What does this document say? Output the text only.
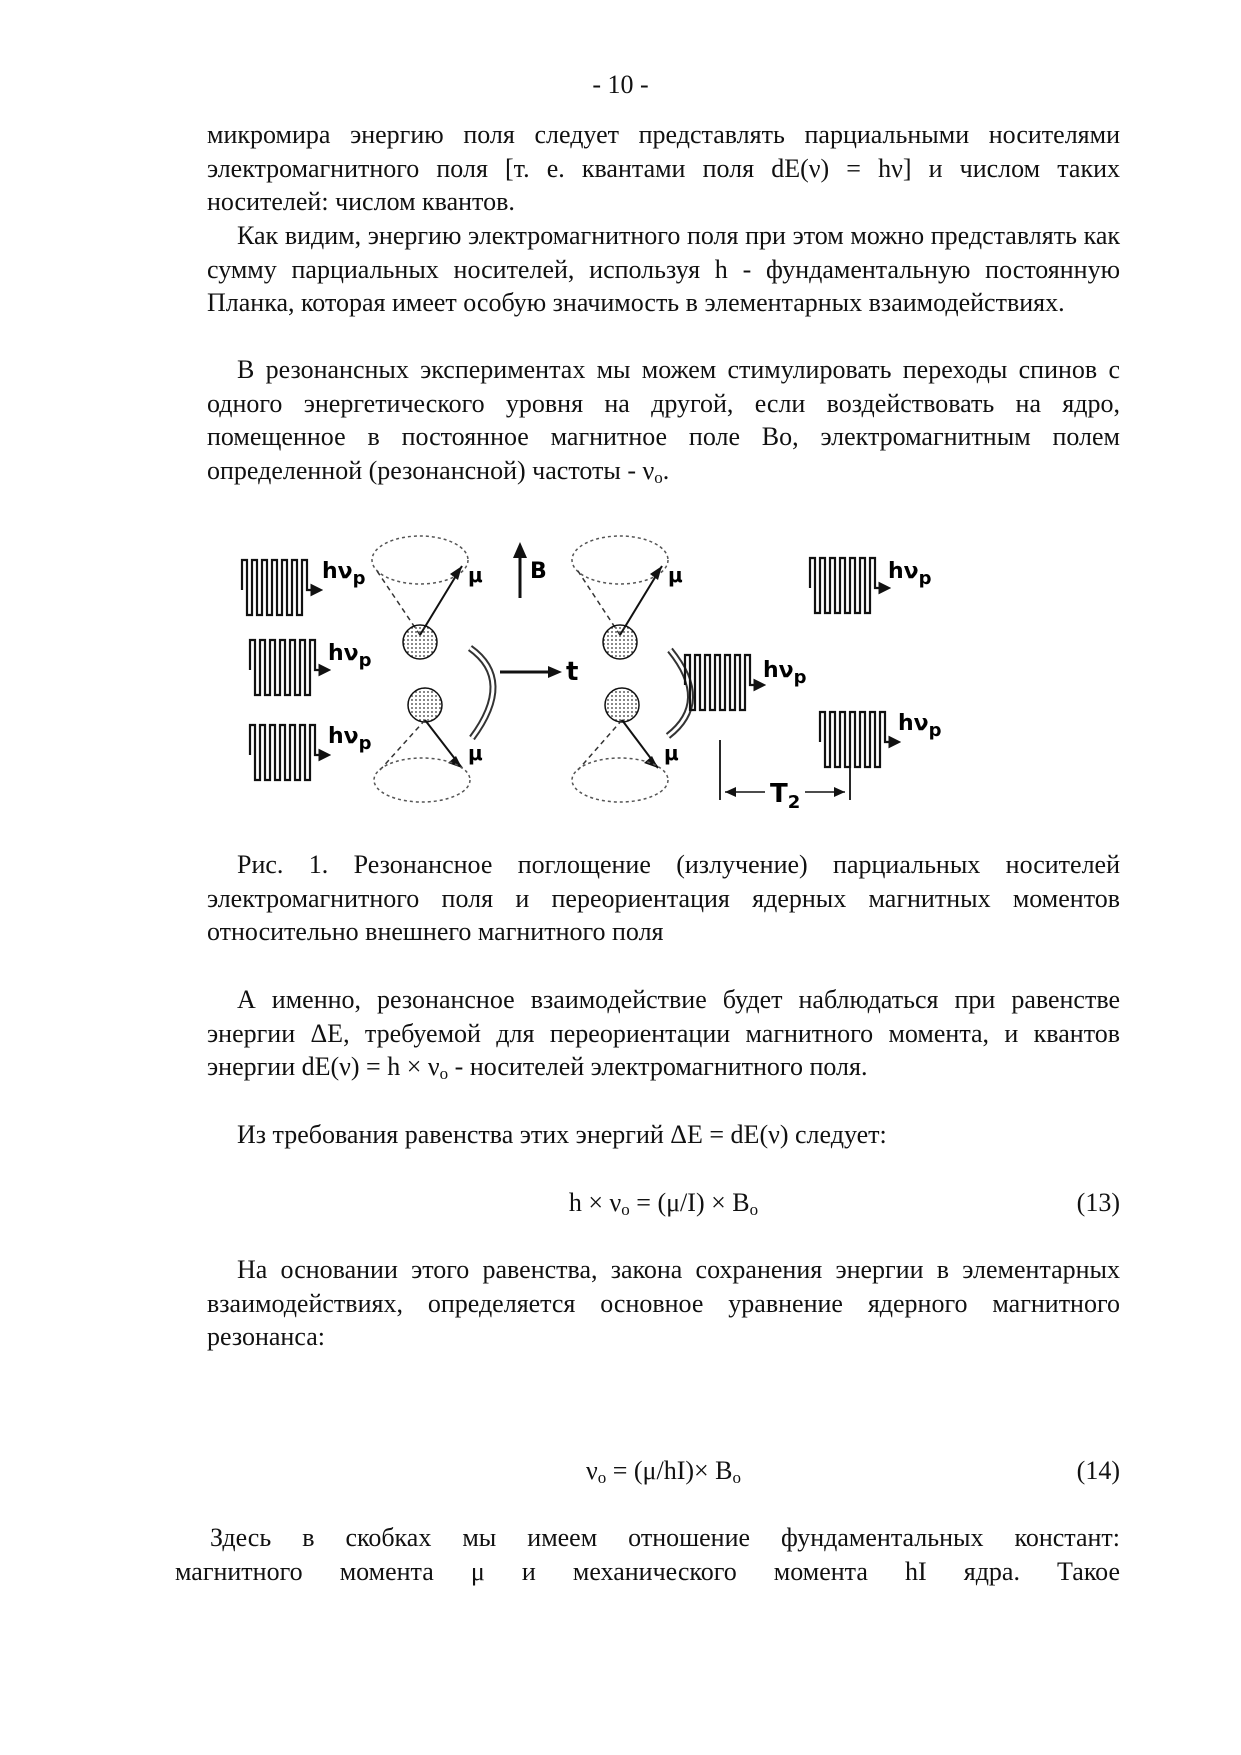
- 10 -

микромира энергию поля следует представлять парциальными носителями электромагнитного поля [т. е. квантами поля dE(ν) = hν] и числом таких носителей: числом квантов.

Как видим, энергию электромагнитного поля при этом можно представлять как сумму парциальных носителей, используя h - фундаментальную постоянную Планка, которая имеет особую значимость в элементарных взаимодействиях.

В резонансных экспериментах мы можем стимулировать переходы спинов с одного энергетического уровня на другой, если воздействовать на ядро, помещенное в постоянное магнитное поле Bo, электромагнитным полем определенной (резонансной) частоты - $\nu_o$.

$h\nu_p$
$h\nu_p$
$h\nu_p$
μ
μ
B
t
μ
μ
$h\nu_p$
$h\nu_p$
$h\nu_p$
$T_2$

Рис. 1. Резонансное поглощение (излучение) парциальных носителей электромагнитного поля и переориентация ядерных магнитных моментов относительно внешнего магнитного поля

А именно, резонансное взаимодействие будет наблюдаться при равенстве энергии ΔE, требуемой для переориентации магнитного момента, и квантов энергии $dE(\nu) = h \times \nu_o$ - носителей электромагнитного поля.

Из требования равенства этих энергий ΔE = dE(ν) следует:

$h \times \nu_o = (\mu/I) \times B_o$	(13)

На основании этого равенства, закона сохранения энергии в элементарных взаимодействиях, определяется основное уравнение ядерного магнитного резонанса:

$\nu_o = (\mu/hI)\times B_o$	(14)

Здесь в скобках мы имеем отношение фундаментальных констант:

магнитного момента μ и механического момента hI ядра. Такое
